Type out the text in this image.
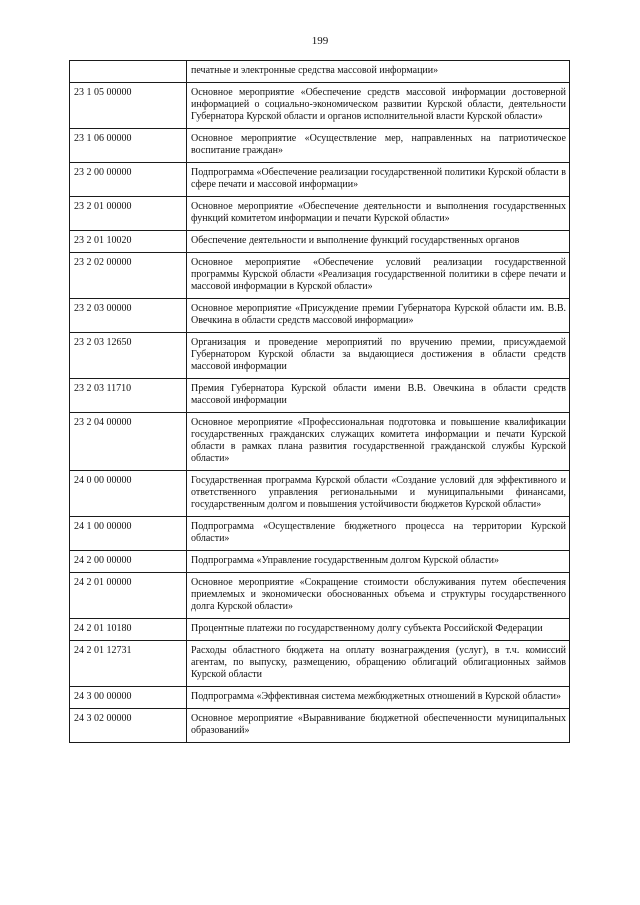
199
	печатные и электронные средства массовой информации»
23 1 05 00000	Основное мероприятие «Обеспечение средств массовой информации достоверной информацией о социально-экономическом развитии Курской области, деятельности Губернатора Курской области и органов исполнительной власти Курской области»
23 1 06 00000	Основное мероприятие «Осуществление мер, направленных на патриотическое воспитание граждан»
23 2 00 00000	Подпрограмма «Обеспечение реализации государственной политики Курской области в сфере печати и массовой информации»
23 2 01 00000	Основное мероприятие «Обеспечение деятельности и выполнения государственных функций комитетом информации и печати Курской области»
23 2 01 10020	Обеспечение деятельности и выполнение функций государственных органов
23 2 02 00000	Основное мероприятие «Обеспечение условий реализации государственной программы Курской области «Реализация государственной политики в сфере печати и массовой информации в Курской области»
23 2 03 00000	Основное мероприятие «Присуждение премии Губернатора Курской области им. В.В. Овечкина в области средств массовой информации»
23 2 03 12650	Организация и проведение мероприятий по вручению премии, присуждаемой Губернатором Курской области за выдающиеся достижения в области средств массовой информации
23 2 03 11710	Премия Губернатора Курской области имени В.В. Овечкина в области средств массовой информации
23 2 04 00000	Основное мероприятие «Профессиональная подготовка и повышение квалификации государственных гражданских служащих комитета информации и печати Курской области в рамках плана развития государственной гражданской службы Курской области»
24 0 00 00000	Государственная программа Курской области «Создание условий для эффективного и ответственного управления региональными и муниципальными финансами, государственным долгом и повышения устойчивости бюджетов Курской области»
24 1 00 00000	Подпрограмма «Осуществление бюджетного процесса на территории Курской области»
24 2 00 00000	Подпрограмма «Управление государственным долгом Курской области»
24 2 01 00000	Основное мероприятие «Сокращение стоимости обслуживания путем обеспечения приемлемых и экономически обоснованных объема и структуры государственного долга Курской области»
24 2 01 10180	Процентные платежи по государственному долгу субъекта Российской Федерации
24 2 01 12731	Расходы областного бюджета на оплату вознаграждения (услуг), в т.ч. комиссий агентам, по выпуску, размещению, обращению облигаций облигационных займов Курской области
24 3 00 00000	Подпрограмма «Эффективная система межбюджетных отношений в Курской области»
24 3 02 00000	Основное мероприятие «Выравнивание бюджетной обеспеченности муниципальных образований»
